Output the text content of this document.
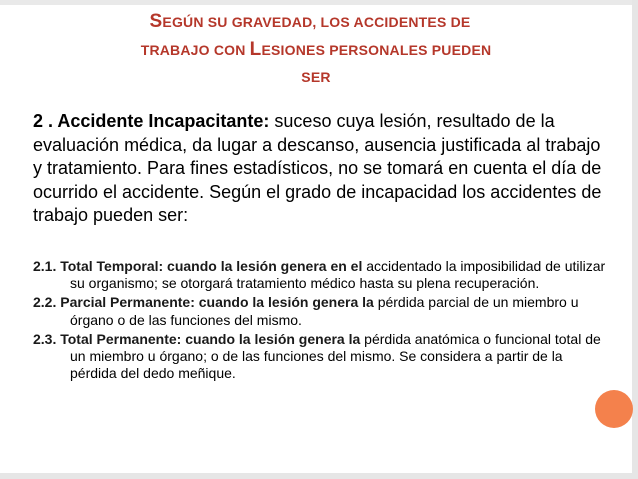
SEGÚN SU GRAVEDAD, LOS ACCIDENTES DE
TRABAJO CON LESIONES PERSONALES PUEDEN
SER

2 . Accidente Incapacitante: suceso cuya lesión, resultado de la evaluación médica, da lugar a descanso, ausencia justificada al trabajo y tratamiento. Para fines estadísticos, no se tomará en cuenta el día de ocurrido el accidente. Según el grado de incapacidad los accidentes de trabajo pueden ser:

2.1. Total Temporal: cuando la lesión genera en el accidentado la imposibilidad de utilizar su organismo; se otorgará tratamiento médico hasta su plena recuperación.
2.2. Parcial Permanente: cuando la lesión genera la pérdida parcial de un miembro u órgano o de las funciones del mismo.
2.3. Total Permanente: cuando la lesión genera la pérdida anatómica o funcional total de un miembro u órgano; o de las funciones del mismo. Se considera a partir de la pérdida del dedo meñique.
